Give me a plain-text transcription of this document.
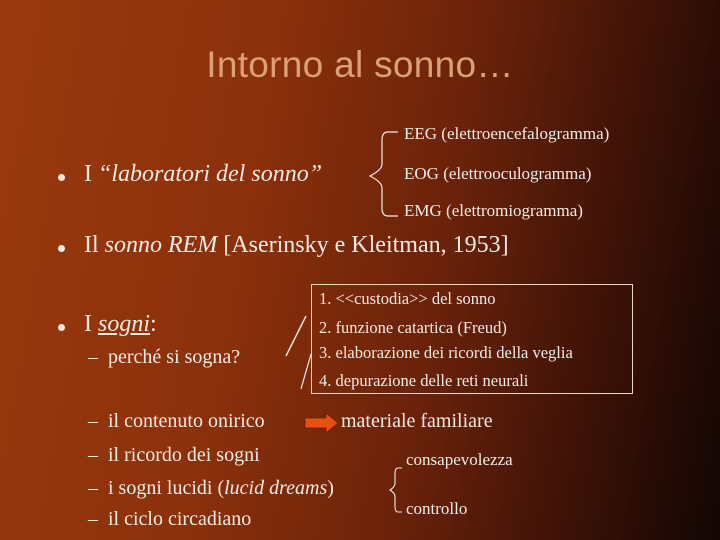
Intorno al sonno…
I “laboratori del sonno”
EEG (elettroencefalogramma)
EOG (elettrooculogramma)
EMG (elettromiogramma)
Il sonno REM [Aserinsky e Kleitman, 1953]
I sogni:
– perché si sogna?
1. <<custodia>> del sonno
2. funzione catartica (Freud)
3. elaborazione dei ricordi della veglia
4. depurazione delle reti neurali
– il contenuto onirico
– il ricordo dei sogni
– i sogni lucidi (lucid dreams)
– il ciclo circadiano
materiale familiare
consapevolezza
controllo
